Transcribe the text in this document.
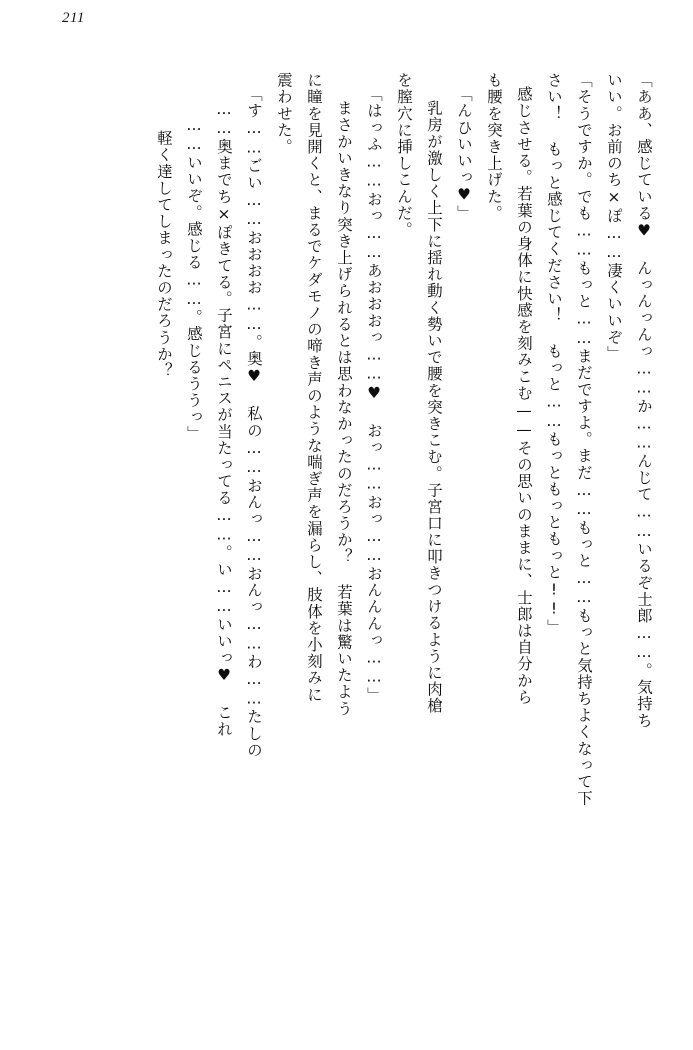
211
「ああ、感じている♥ んっんっんっ……か……んじて……いるぞ士郎……。気持ち
いい。お前のち×ぽ……凄くいいぞ」
「そうですか。でも……もっと……まだですよ。まだ……もっと……もっと気持ちよくなって下
さい！ もっと感じてください！ もっと……もっともっともっと!!」
感じさせる。若葉の身体に快感を刻みこむ——その思いのままに、士郎は自分から
も腰を突き上げた。
「んひいいっ♥」
乳房が激しく上下に揺れ動く勢いで腰を突きこむ。子宮口に叩きつけるように肉槍
を膣穴に挿しこんだ。
「はっふ……おっ……あおおおっ……♥ おっ……おっ……おんんんっ……」
まさかいきなり突き上げられるとは思わなかったのだろうか？ 若葉は驚いたよう
に瞳を見開くと、まるでケダモノの啼き声のような喘ぎ声を漏らし、肢体を小刻みに
震わせた。
「す……ごい……おおおお……。奥♥ 私の……おんっ……おんっ……わ……たしの
……奥までち×ぽきてる。子宮にペニスが当たってる……。い……いいっ♥ これ
……いいぞ。感じる……。感じるううっ」
軽く達してしまったのだろうか？
